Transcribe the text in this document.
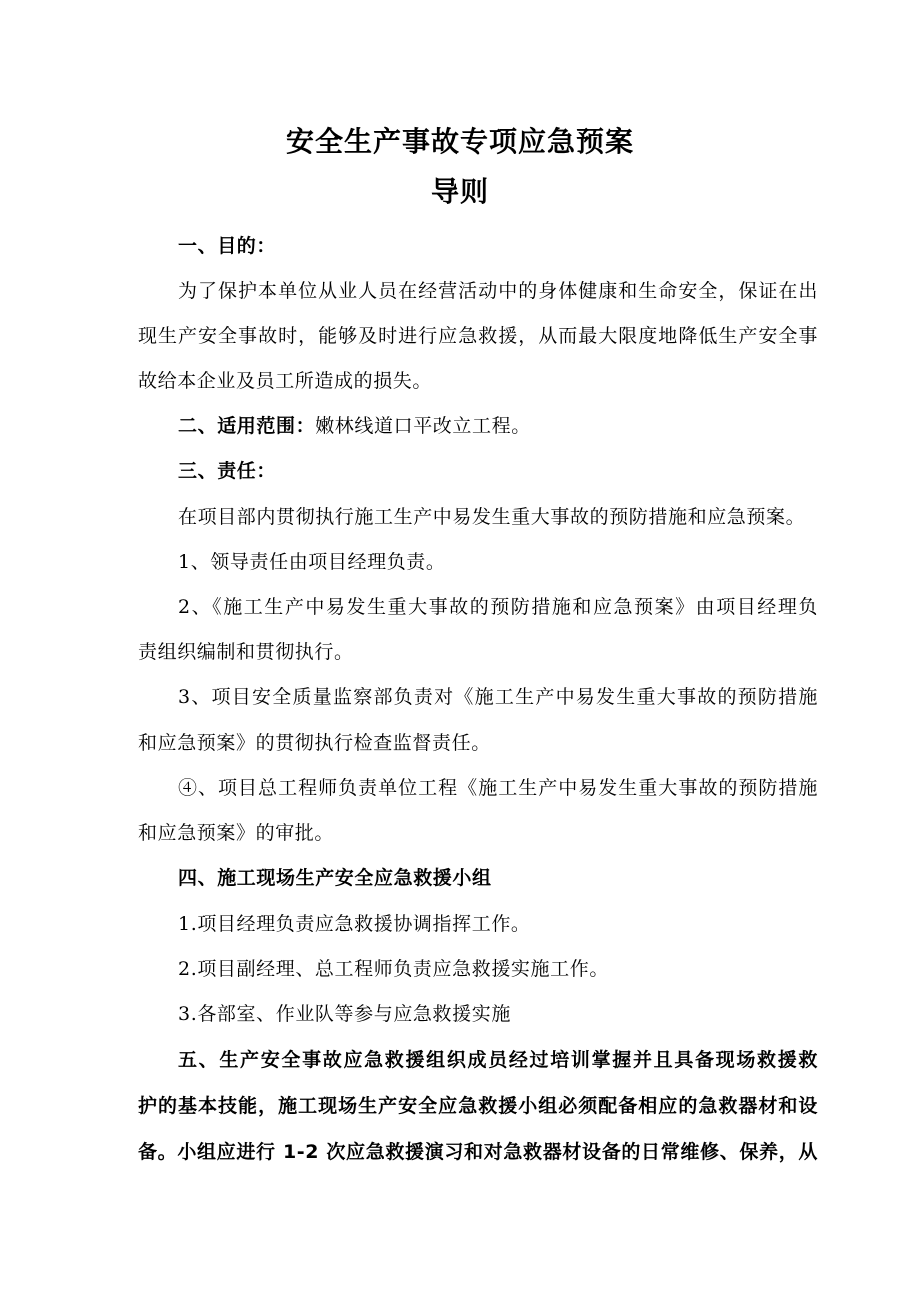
安全生产事故专项应急预案
导则
一、目的：
为了保护本单位从业人员在经营活动中的身体健康和生命安全，保证在出
现生产安全事故时，能够及时进行应急救援，从而最大限度地降低生产安全事
故给本企业及员工所造成的损失。
二、适用范围：嫩林线道口平改立工程。
三、责任：
在项目部内贯彻执行施工生产中易发生重大事故的预防措施和应急预案。
1、领导责任由项目经理负责。
2、《施工生产中易发生重大事故的预防措施和应急预案》由项目经理负
责组织编制和贯彻执行。
3、项目安全质量监察部负责对《施工生产中易发生重大事故的预防措施
和应急预案》的贯彻执行检查监督责任。
④、项目总工程师负责单位工程《施工生产中易发生重大事故的预防措施
和应急预案》的审批。
四、施工现场生产安全应急救援小组
1.项目经理负责应急救援协调指挥工作。
2.项目副经理、总工程师负责应急救援实施工作。
3.各部室、作业队等参与应急救援实施
五、生产安全事故应急救援组织成员经过培训掌握并且具备现场救援救
护的基本技能，施工现场生产安全应急救援小组必须配备相应的急救器材和设
备。小组应进行 1-2 次应急救援演习和对急救器材设备的日常维修、保养，从
